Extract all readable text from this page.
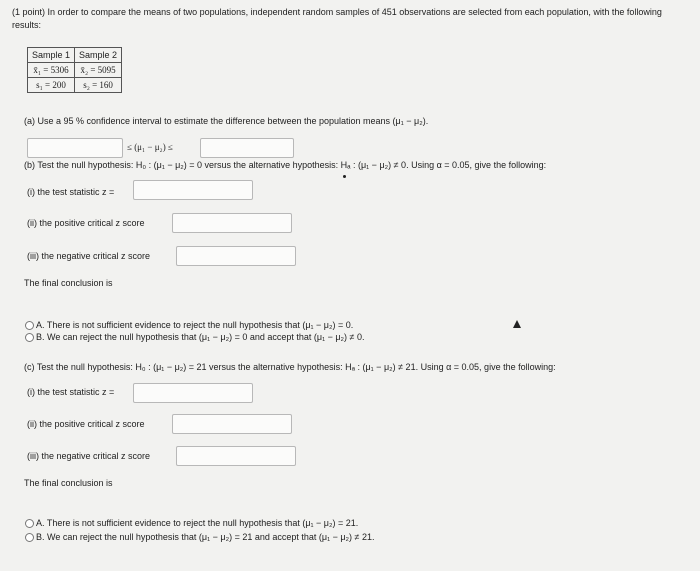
(1 point) In order to compare the means of two populations, independent random samples of 451 observations are selected from each population, with the following results:
Sample 1	Sample 2
x̄₁ = 5306	x̄₂ = 5095
s₁ = 200	s₂ = 160
(a) Use a 95 % confidence interval to estimate the difference between the population means (μ₁ − μ₂).
≤ (μ₁ − μ₂) ≤
(b) Test the null hypothesis: H₀ : (μ₁ − μ₂) = 0 versus the alternative hypothesis: Hₐ : (μ₁ − μ₂) ≠ 0. Using α = 0.05, give the following:
(i) the test statistic z =
(ii) the positive critical z score
(iii) the negative critical z score
The final conclusion is
A. There is not sufficient evidence to reject the null hypothesis that (μ₁ − μ₂) = 0.
B. We can reject the null hypothesis that (μ₁ − μ₂) = 0 and accept that (μ₁ − μ₂) ≠ 0.
(c) Test the null hypothesis: H₀ : (μ₁ − μ₂) = 21 versus the alternative hypothesis: Hₐ : (μ₁ − μ₂) ≠ 21. Using α = 0.05, give the following:
(i) the test statistic z =
(ii) the positive critical z score
(iii) the negative critical z score
The final conclusion is
A. There is not sufficient evidence to reject the null hypothesis that (μ₁ − μ₂) = 21.
B. We can reject the null hypothesis that (μ₁ − μ₂) = 21 and accept that (μ₁ − μ₂) ≠ 21.
